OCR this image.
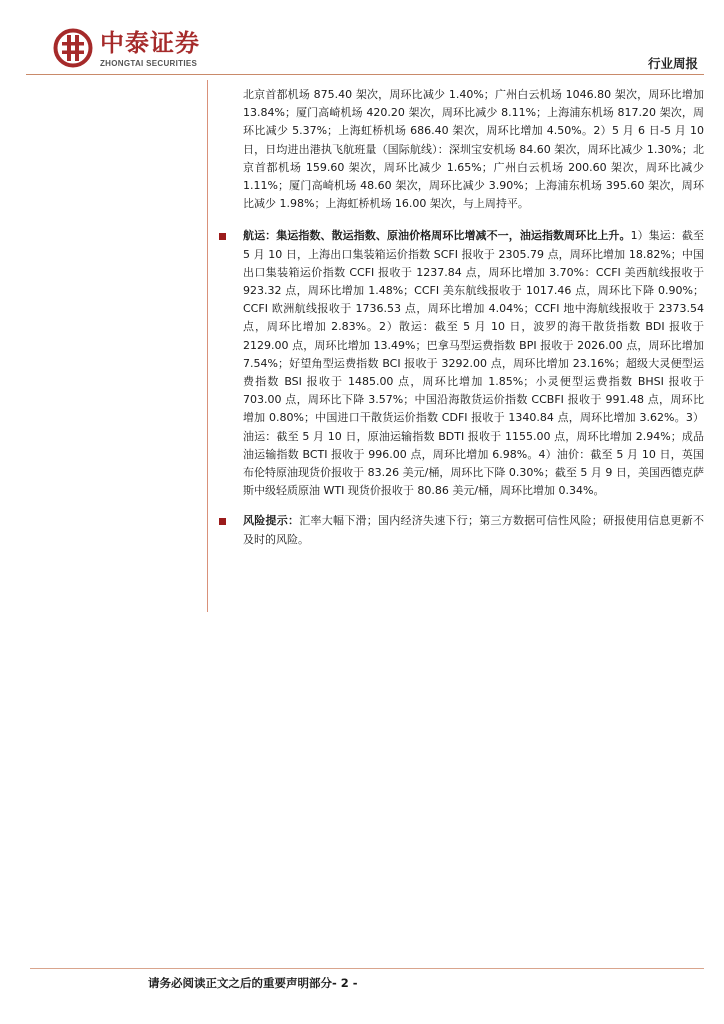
中泰证券
ZHONGTAI SECURITIES	行业周报

北京首都机场 875.40 架次，周环比减少 1.40%；广州白云机场 1046.80 架次，周环比增加 13.84%；厦门高崎机场 420.20 架次，周环比减少 8.11%；上海浦东机场 817.20 架次，周环比减少 5.37%；上海虹桥机场 686.40 架次，周环比增加 4.50%。2）5 月 6 日-5 月 10 日，日均进出港执飞航班量（国际航线）：深圳宝安机场 84.60 架次，周环比减少 1.30%；北京首都机场 159.60 架次，周环比减少 1.65%；广州白云机场 200.60 架次，周环比减少 1.11%；厦门高崎机场 48.60 架次，周环比减少 3.90%；上海浦东机场 395.60 架次，周环比减少 1.98%；上海虹桥机场 16.00 架次，与上周持平。

航运：集运指数、散运指数、原油价格周环比增减不一，油运指数周环比上升。1）集运：截至 5 月 10 日，上海出口集装箱运价指数 SCFI 报收于 2305.79 点，周环比增加 18.82%；中国出口集装箱运价指数 CCFI 报收于 1237.84 点，周环比增加 3.70%：CCFI 美西航线报收于 923.32 点，周环比增加 1.48%；CCFI 美东航线报收于 1017.46 点，周环比下降 0.90%；CCFI 欧洲航线报收于 1736.53 点，周环比增加 4.04%；CCFI 地中海航线报收于 2373.54 点，周环比增加 2.83%。2）散运：截至 5 月 10 日，波罗的海干散货指数 BDI 报收于 2129.00 点，周环比增加 13.49%；巴拿马型运费指数 BPI 报收于 2026.00 点，周环比增加 7.54%；好望角型运费指数 BCI 报收于 3292.00 点，周环比增加 23.16%；超级大灵便型运费指数 BSI 报收于 1485.00 点，周环比增加 1.85%；小灵便型运费指数 BHSI 报收于 703.00 点，周环比下降 3.57%；中国沿海散货运价指数 CCBFI 报收于 991.48 点，周环比增加 0.80%；中国进口干散货运价指数 CDFI 报收于 1340.84 点，周环比增加 3.62%。3）油运：截至 5 月 10 日，原油运输指数 BDTI 报收于 1155.00 点，周环比增加 2.94%；成品油运输指数 BCTI 报收于 996.00 点，周环比增加 6.98%。4）油价：截至 5 月 10 日，英国布伦特原油现货价报收于 83.26 美元/桶，周环比下降 0.30%；截至 5 月 9 日，美国西德克萨斯中级轻质原油 WTI 现货价报收于 80.86 美元/桶，周环比增加 0.34%。

风险提示：汇率大幅下滑；国内经济失速下行；第三方数据可信性风险；研报使用信息更新不及时的风险。

请务必阅读正文之后的重要声明部分- 2 -
